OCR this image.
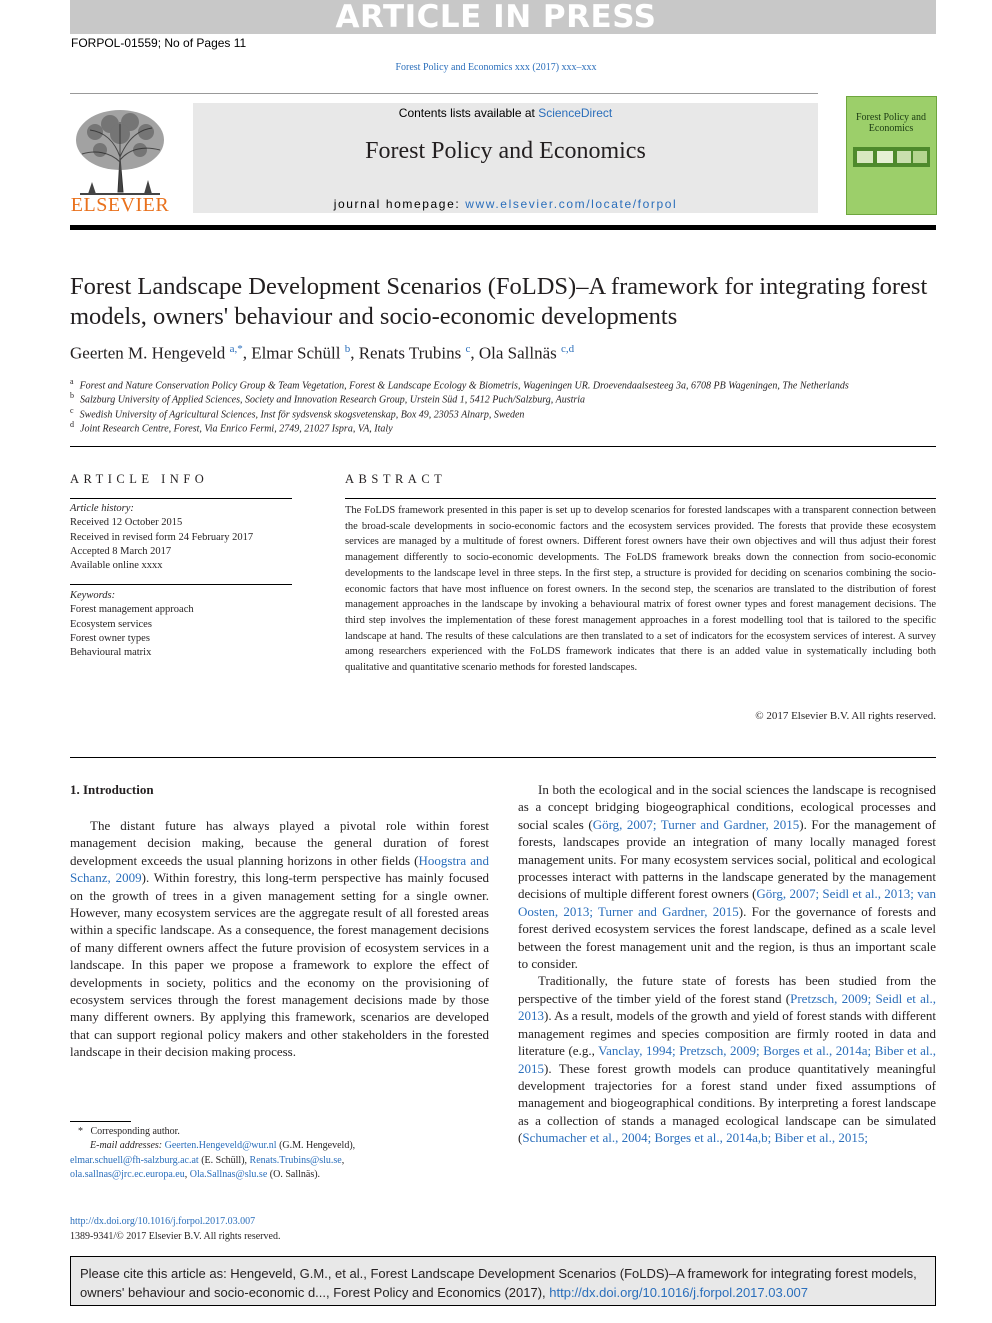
ARTICLE IN PRESS
FORPOL-01559; No of Pages 11
Forest Policy and Economics xxx (2017) xxx–xxx
ELSEVIER
Contents lists available at ScienceDirect
Forest Policy and Economics
journal homepage: www.elsevier.com/locate/forpol
Forest Policy and Economics
Forest Landscape Development Scenarios (FoLDS)–A framework for integrating forest models, owners' behaviour and socio-economic developments
Geerten M. Hengeveld $^{a,*}$, Elmar Schüll $^b$, Renats Trubins $^c$, Ola Sallnäs $^{c,d}$
$^a$ Forest and Nature Conservation Policy Group & Team Vegetation, Forest & Landscape Ecology & Biometris, Wageningen UR. Droevendaalsesteeg 3a, 6708 PB Wageningen, The Netherlands
$^b$ Salzburg University of Applied Sciences, Society and Innovation Research Group, Urstein Süd 1, 5412 Puch/Salzburg, Austria
$^c$ Swedish University of Agricultural Sciences, Inst för sydsvensk skogsvetenskap, Box 49, 23053 Alnarp, Sweden
$^d$ Joint Research Centre, Forest, Via Enrico Fermi, 2749, 21027 Ispra, VA, Italy
ARTICLE INFO
Article history:
Received 12 October 2015
Received in revised form 24 February 2017
Accepted 8 March 2017
Available online xxxx
Keywords:
Forest management approach
Ecosystem services
Forest owner types
Behavioural matrix
ABSTRACT
The FoLDS framework presented in this paper is set up to develop scenarios for forested landscapes with a transparent connection between the broad-scale developments in socio-economic factors and the ecosystem services provided. The forests that provide these ecosystem services are managed by a multitude of forest owners. Different forest owners have their own objectives and will thus adjust their forest management differently to socio-economic developments. The FoLDS framework breaks down the connection from socio-economic developments to the landscape level in three steps. In the first step, a structure is provided for deciding on scenarios combining the socio-economic factors that have most influence on forest owners. In the second step, the scenarios are translated to the distribution of forest management approaches in the landscape by invoking a behavioural matrix of forest owner types and forest management decisions. The third step involves the implementation of these forest management approaches in a forest modelling tool that is tailored to the specific landscape at hand. The results of these calculations are then translated to a set of indicators for the ecosystem services of interest. A survey among researchers experienced with the FoLDS framework indicates that there is an added value in systematically including both qualitative and quantitative scenario methods for forested landscapes.
© 2017 Elsevier B.V. All rights reserved.
1. Introduction

The distant future has always played a pivotal role within forest management decision making, because the general duration of forest development exceeds the usual planning horizons in other fields (Hoogstra and Schanz, 2009). Within forestry, this long-term perspective has mainly focused on the growth of trees in a given management setting for a single owner. However, many ecosystem services are the aggregate result of all forested areas within a specific landscape. As a consequence, the forest management decisions of many different owners affect the future provision of ecosystem services in a landscape. In this paper we propose a framework to explore the effect of developments in society, politics and the economy on the provisioning of ecosystem services through the forest management decisions made by those many different owners. By applying this framework, scenarios are developed that can support regional policy makers and other stakeholders in the forested landscape in their decision making process.

In both the ecological and in the social sciences the landscape is recognised as a concept bridging biogeographical conditions, ecological processes and social scales (Görg, 2007; Turner and Gardner, 2015). For the management of forests, landscapes provide an integration of many locally managed forest management units. For many ecosystem services social, political and ecological processes interact with patterns in the landscape generated by the management decisions of multiple different forest owners (Görg, 2007; Seidl et al., 2013; van Oosten, 2013; Turner and Gardner, 2015). For the governance of forests and forest derived ecosystem services the forest landscape, defined as a scale level between the forest management unit and the region, is thus an important scale to consider.

Traditionally, the future state of forests has been studied from the perspective of the timber yield of the forest stand (Pretzsch, 2009; Seidl et al., 2013). As a result, models of the growth and yield of forest stands with different management regimes and species composition are firmly rooted in data and literature (e.g., Vanclay, 1994; Pretzsch, 2009; Borges et al., 2014a; Biber et al., 2015). These forest growth models can produce quantitatively meaningful development trajectories for a forest stand under fixed assumptions of management and biogeographical conditions. By interpreting a forest landscape as a collection of stands a managed ecological landscape can be simulated (Schumacher et al., 2004; Borges et al., 2014a,b; Biber et al., 2015;

*   Corresponding author.
E-mail addresses: Geerten.Hengeveld@wur.nl (G.M. Hengeveld),
elmar.schuell@fh-salzburg.ac.at (E. Schüll), Renats.Trubins@slu.se,
ola.sallnas@jrc.ec.europa.eu, Ola.Sallnas@slu.se (O. Sallnäs).
http://dx.doi.org/10.1016/j.forpol.2017.03.007
1389-9341/© 2017 Elsevier B.V. All rights reserved.
Please cite this article as: Hengeveld, G.M., et al., Forest Landscape Development Scenarios (FoLDS)–A framework for integrating forest models, owners' behaviour and socio-economic d..., Forest Policy and Economics (2017), http://dx.doi.org/10.1016/j.forpol.2017.03.007
